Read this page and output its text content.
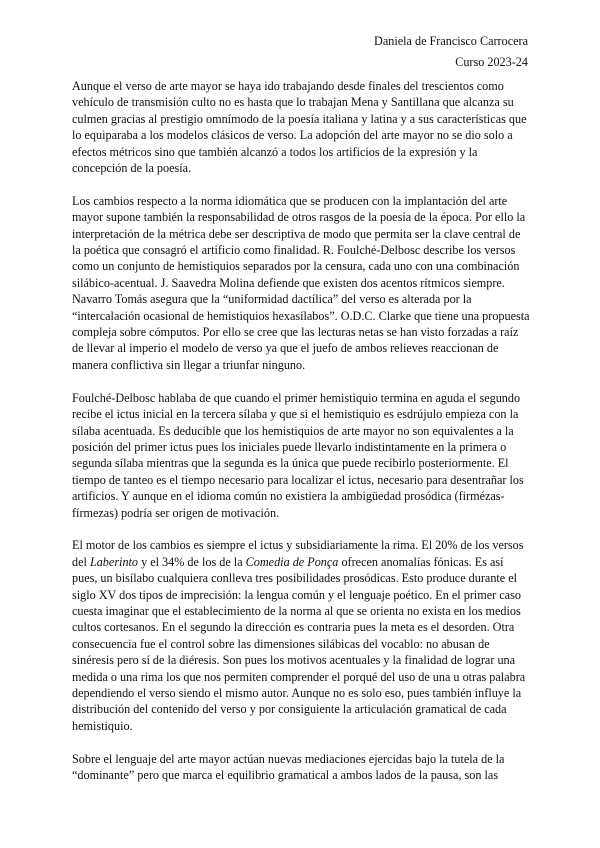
Daniela de Francisco Carrocera
Curso 2023-24

Aunque el verso de arte mayor se haya ido trabajando desde finales del trescientos como vehículo de transmisión culto no es hasta que lo trabajan Mena y Santillana que alcanza su culmen gracias al prestigio omnímodo de la poesía italiana y latina y a sus características que lo equiparaba a los modelos clásicos de verso. La adopción del arte mayor no se dio solo a efectos métricos sino que también alcanzó a todos los artificios de la expresión y la concepción de la poesía.

Los cambios respecto a la norma idiomática que se producen con la implantación del arte mayor supone también la responsabilidad de otros rasgos de la poesía de la época. Por ello la interpretación de la métrica debe ser descriptiva de modo que permita ser la clave central de la poética que consagró el artificio como finalidad. R. Foulché-Delbosc describe los versos como un conjunto de hemistiquios separados por la censura, cada uno con una combinación silábico-acentual. J. Saavedra Molina defiende que existen dos acentos rítmicos siempre. Navarro Tomás asegura que la “uniformidad dactílica” del verso es alterada por la “intercalación ocasional de hemistiquios hexasílabos”. O.D.C. Clarke que tiene una propuesta compleja sobre cómputos. Por ello se cree que las lecturas netas se han visto forzadas a raíz de llevar al imperio el modelo de verso ya que el juefo de ambos relieves reaccionan de manera conflictiva sin llegar a triunfar ninguno.

Foulché-Delbosc hablaba de que cuando el primer hemistiquio termina en aguda el segundo recibe el ictus inicial en la tercera sílaba y que si el hemistiquio es esdrújulo empieza con la sílaba acentuada. Es deducible que los hemistiquios de arte mayor no son equivalentes a la posición del primer ictus pues los iniciales puede llevarlo indistintamente en la primera o segunda sílaba mientras que la segunda es la única que puede recibirlo posteriormente. El tiempo de tanteo es el tiempo necesario para localizar el ictus, necesario para desentrañar los artificios. Y aunque en el idioma común no existiera la ambigüedad prosódica (firmézas-fírmezas) podría ser origen de motivación.

El motor de los cambios es siempre el ictus y subsidiariamente la rima. El 20% de los versos del Laberinto y el 34% de los de la Comedia de Ponça ofrecen anomalías fónicas. Es así pues, un bisílabo cualquiera conlleva tres posibilidades prosódicas. Esto produce durante el siglo XV dos tipos de imprecisión: la lengua común y el lenguaje poético. En el primer caso cuesta imaginar que el establecimiento de la norma al que se orienta no exista en los medios cultos cortesanos. En el segundo la dirección es contraria pues la meta es el desorden. Otra consecuencia fue el control sobre las dimensiones silábicas del vocablo: no abusan de sinéresis pero sí de la diéresis. Son pues los motivos acentuales y la finalidad de lograr una medida o una rima los que nos permiten comprender el porqué del uso de una u otras palabra dependiendo el verso siendo el mismo autor. Aunque no es solo eso, pues también influye la distribución del contenido del verso y por consiguiente la articulación gramatical de cada hemistiquio.

Sobre el lenguaje del arte mayor actúan nuevas mediaciones ejercidas bajo la tutela de la “dominante” pero que marca el equilibrio gramatical a ambos lados de la pausa, son las
